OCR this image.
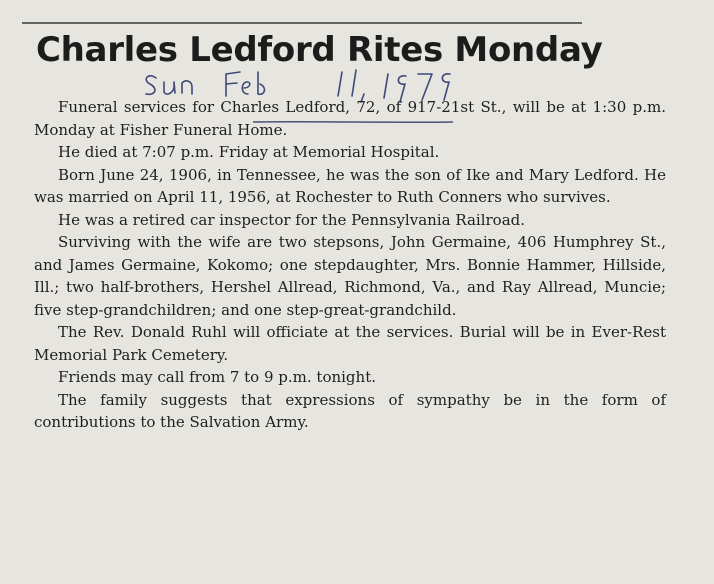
Charles Ledford Rites Monday

Funeral services for Charles Ledford, 72, of 917-21st St., will be at 1:30 p.m. Monday at Fisher Funeral Home.

He died at 7:07 p.m. Friday at Memorial Hospital.

Born June 24, 1906, in Tennessee, he was the son of Ike and Mary Ledford. He was married on April 11, 1956, at Rochester to Ruth Conners who survives.

He was a retired car inspector for the Pennsylvania Railroad.

Surviving with the wife are two stepsons, John Germaine, 406 Humphrey St., and James Germaine, Kokomo; one stepdaughter, Mrs. Bonnie Hammer, Hillside, Ill.; two half-brothers, Hershel Allread, Richmond, Va., and Ray Allread, Muncie; five step-grandchildren; and one step-great-grandchild.

The Rev. Donald Ruhl will officiate at the services. Burial will be in Ever-Rest Memorial Park Cemetery.

Friends may call from 7 to 9 p.m. tonight.

The family suggests that expressions of sympathy be in the form of contributions to the Salvation Army.
